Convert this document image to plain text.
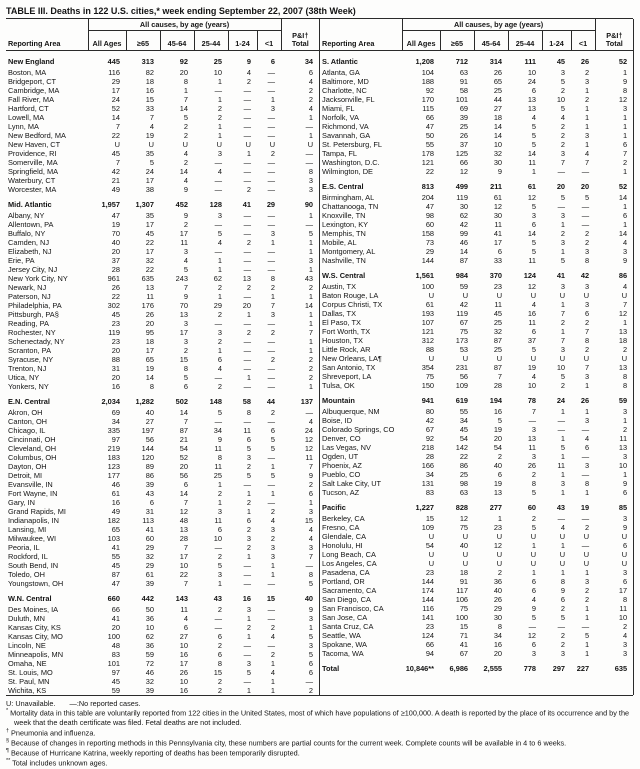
TABLE III. Deaths in 122 U.S. cities,* week ending September 22, 2007 (38th Week)
	All causes, by age (years)						
Reporting Area	All Ages	≥65	45-64	25-44	1-24	<1	P&I† Total
New England	445	313	92	25	9	6	34
Boston, MA	116	82	20	10	4	—	6
Bridgeport, CT	29	18	8	1	2	—	4
Cambridge, MA	17	16	1	—	—	—	2
Fall River, MA	24	15	7	1	—	1	2
Hartford, CT	52	33	14	2	—	3	4
Lowell, MA	14	7	5	2	—	—	1
Lynn, MA	7	4	2	1	—	—	—
New Bedford, MA	22	19	2	1	—	—	1
New Haven, CT	U	U	U	U	U	U	U
Providence, RI	45	35	4	3	1	2	—
Somerville, MA	7	5	2	—	—	—	—
Springfield, MA	42	24	14	4	—	—	8
Waterbury, CT	21	17	4	—	—	—	3
Worcester, MA	49	38	9	—	2	—	3
Mid. Atlantic	1,957	1,307	452	128	41	29	90
Albany, NY	47	35	9	3	—	—	1
Allentown, PA	19	17	2	—	—	—	—
Buffalo, NY	70	45	17	5	—	3	5
Camden, NJ	40	22	11	4	2	1	1
Elizabeth, NJ	20	17	3	—	—	—	1
Erie, PA	37	32	4	1	—	—	3
Jersey City, NJ	28	22	5	1	—	—	1
New York City, NY	961	635	243	62	13	8	43
Newark, NJ	26	13	7	2	2	2	2
Paterson, NJ	22	11	9	1	—	1	1
Philadelphia, PA	302	176	70	29	20	7	14
Pittsburgh, PA§	45	26	13	2	1	3	1
Reading, PA	23	20	3	—	—	—	1
Rochester, NY	119	95	17	3	2	2	7
Schenectady, NY	23	18	3	2	—	—	1
Scranton, PA	20	17	2	1	—	—	1
Syracuse, NY	88	65	15	6	—	2	2
Trenton, NJ	31	19	8	4	—	—	2
Utica, NY	20	14	5	—	1	—	2
Yonkers, NY	16	8	6	2	—	—	1
E.N. Central	2,034	1,282	502	148	58	44	137
Akron, OH	69	40	14	5	8	2	—
Canton, OH	34	27	7	—	—	—	4
Chicago, IL	335	197	87	34	11	6	24
Cincinnati, OH	97	56	21	9	6	5	12
Cleveland, OH	219	144	54	11	5	5	12
Columbus, OH	183	120	52	8	3	—	11
Dayton, OH	123	89	20	11	2	1	7
Detroit, MI	177	86	56	25	5	5	9
Evansville, IN	46	39	6	1	—	—	2
Fort Wayne, IN	61	43	14	2	1	1	6
Gary, IN	16	6	7	1	2	—	1
Grand Rapids, MI	49	31	12	3	1	2	3
Indianapolis, IN	182	113	48	11	6	4	15
Lansing, MI	65	41	13	6	2	3	4
Milwaukee, WI	103	60	28	10	3	2	4
Peoria, IL	41	29	7	—	2	3	3
Rockford, IL	55	32	17	2	1	3	7
South Bend, IN	45	29	10	5	—	1	—
Toledo, OH	87	61	22	3	—	1	8
Youngstown, OH	47	39	7	1	—	—	5
W.N. Central	660	442	143	43	16	15	40
Des Moines, IA	66	50	11	2	3	—	9
Duluth, MN	41	36	4	—	1	—	3
Kansas City, KS	20	10	6	—	2	2	1
Kansas City, MO	100	62	27	6	1	4	5
Lincoln, NE	48	36	10	2	—	—	3
Minneapolis, MN	83	59	16	6	—	2	5
Omaha, NE	101	72	17	8	3	1	6
St. Louis, MO	97	46	26	15	5	4	6
St. Paul, MN	45	32	10	2	—	1	—
Wichita, KS	59	39	16	2	1	1	2
	All causes, by age (years)						
Reporting Area	All Ages	≥65	45-64	25-44	1-24	<1	P&I† Total
S. Atlantic	1,208	712	314	111	45	26	52
Atlanta, GA	104	63	26	10	3	2	1
Baltimore, MD	188	91	65	24	5	3	9
Charlotte, NC	92	58	25	6	2	1	8
Jacksonville, FL	170	101	44	13	10	2	12
Miami, FL	115	69	27	13	5	1	3
Norfolk, VA	66	39	18	4	4	1	1
Richmond, VA	47	25	14	5	2	1	1
Savannah, GA	50	26	14	5	2	3	1
St. Petersburg, FL	55	37	10	5	2	1	6
Tampa, FL	178	125	32	14	3	4	7
Washington, D.C.	121	66	30	11	7	7	2
Wilmington, DE	22	12	9	1	—	—	1
E.S. Central	813	499	211	61	20	20	52
Birmingham, AL	204	119	61	12	5	5	14
Chattanooga, TN	47	30	12	5	—	—	1
Knoxville, TN	98	62	30	3	3	—	6
Lexington, KY	60	42	11	6	1	—	1
Memphis, TN	158	99	41	14	2	2	14
Mobile, AL	73	46	17	5	3	2	4
Montgomery, AL	29	14	6	5	1	3	3
Nashville, TN	144	87	33	11	5	8	9
W.S. Central	1,561	984	370	124	41	42	86
Austin, TX	100	59	23	12	3	3	4
Baton Rouge, LA	U	U	U	U	U	U	U
Corpus Christi, TX	61	42	11	4	1	3	7
Dallas, TX	193	119	45	16	7	6	12
El Paso, TX	107	67	25	11	2	2	1
Fort Worth, TX	121	75	32	6	1	7	13
Houston, TX	312	173	87	37	7	8	18
Little Rock, AR	88	53	25	5	3	2	2
New Orleans, LA¶	U	U	U	U	U	U	U
San Antonio, TX	354	231	87	19	10	7	13
Shreveport, LA	75	56	7	4	5	3	8
Tulsa, OK	150	109	28	10	2	1	8
Mountain	941	619	194	78	24	26	59
Albuquerque, NM	80	55	16	7	1	1	3
Boise, ID	42	34	5	—	—	3	1
Colorado Springs, CO	67	45	19	3	—	—	2
Denver, CO	92	54	20	13	1	4	11
Las Vegas, NV	218	142	54	11	5	6	13
Ogden, UT	28	22	2	3	1	—	3
Phoenix, AZ	166	86	40	26	11	3	10
Pueblo, CO	34	25	6	2	1	—	1
Salt Lake City, UT	131	98	19	8	3	8	9
Tucson, AZ	83	63	13	5	1	1	6
Pacific	1,227	828	277	60	43	19	85
Berkeley, CA	15	12	1	2	—	—	3
Fresno, CA	109	75	23	5	4	2	9
Glendale, CA	U	U	U	U	U	U	U
Honolulu, HI	54	40	12	1	1	—	6
Long Beach, CA	U	U	U	U	U	U	U
Los Angeles, CA	U	U	U	U	U	U	U
Pasadena, CA	23	18	2	1	1	1	3
Portland, OR	144	91	36	6	8	3	6
Sacramento, CA	174	117	40	6	9	2	17
San Diego, CA	144	106	26	4	6	2	8
San Francisco, CA	116	75	29	9	2	1	11
San Jose, CA	141	100	30	5	5	1	10
Santa Cruz, CA	23	15	8	—	—	—	2
Seattle, WA	124	71	34	12	2	5	4
Spokane, WA	66	41	16	6	2	1	3
Tacoma, WA	94	67	20	3	3	1	3
Total	10,846**	6,986	2,555	778	297	227	635
U: Unavailable. —:No reported cases.
* Mortality data in this table are voluntarily reported from 122 cities in the United States, most of which have populations of ≥100,000. A death is reported by the place of its occurrence and by the week that the death certificate was filed. Fetal deaths are not included.
† Pneumonia and influenza.
§ Because of changes in reporting methods in this Pennsylvania city, these numbers are partial counts for the current week. Complete counts will be available in 4 to 6 weeks.
¶ Because of Hurricane Katrina, weekly reporting of deaths has been temporarily disrupted.
** Total includes unknown ages.
